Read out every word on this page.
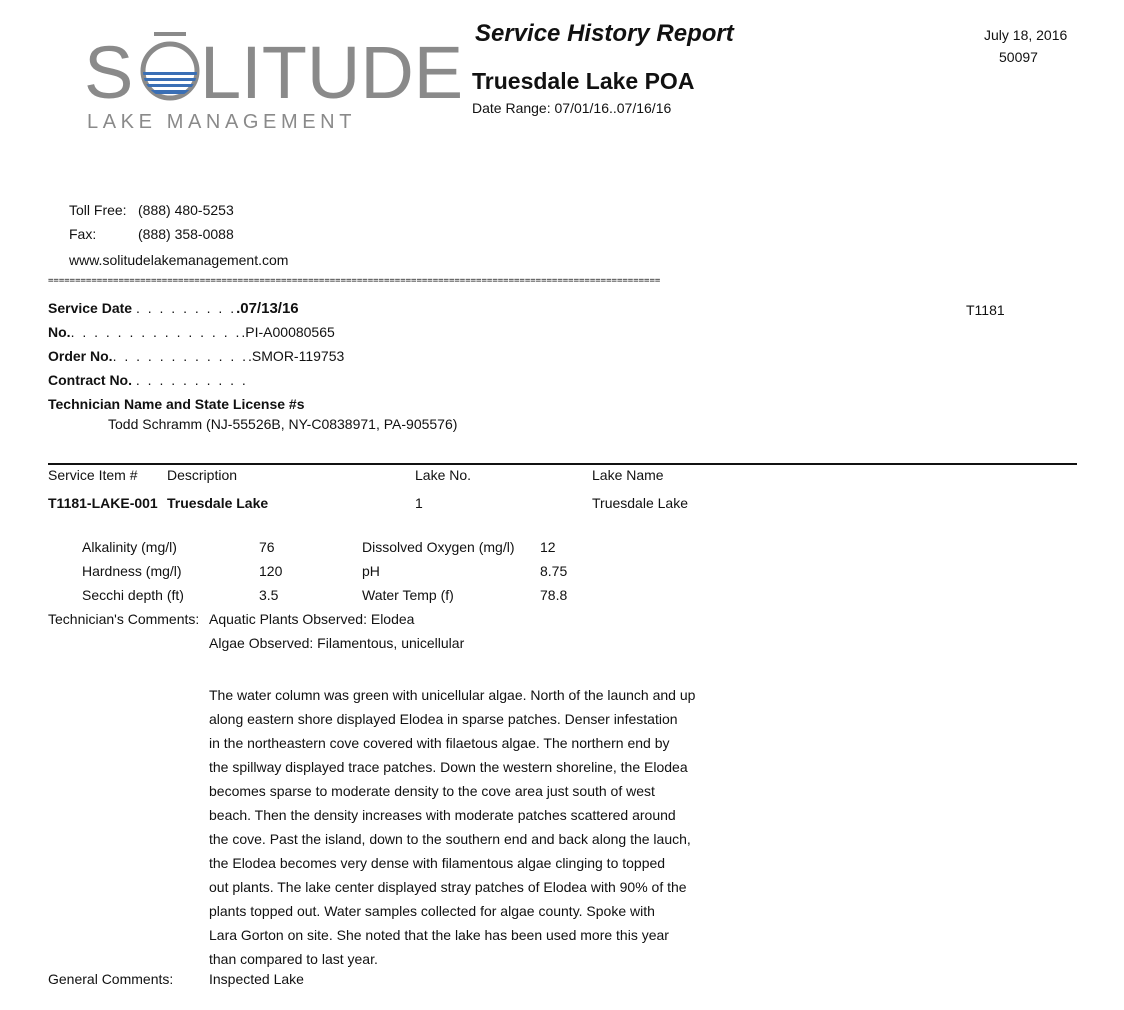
S LITUDE
LAKE MANAGEMENT
Service History Report
Truesdale Lake POA
Date Range: 07/01/16..07/16/16
July 18, 2016
50097
Toll Free: (888) 480-5253
Fax:	(888) 358-0088
www.solitudelakemanagement.com
=================================================================================================================
Service Date . . . . . . . . ..07/13/16	T1181
No.. . . . . . . . . . . . . . ..PI-A00080565
Order No.. . . . . . . . . . . ..SMOR-119753
Contract No. . . . . . . . . . .
Technician Name and State License #s
Todd Schramm (NJ-55526B, NY-C0838971, PA-905576)
Service Item # Description	Lake No.	Lake Name
T1181-LAKE-001 Truesdale Lake	1	Truesdale Lake
Alkalinity (mg/l)	76	Dissolved Oxygen (mg/l) 12
Hardness (mg/l)	120	pH	8.75
Secchi depth (ft)	3.5	Water Temp (f)	78.8
Technician's Comments: Aquatic Plants Observed: Elodea
Algae Observed: Filamentous, unicellular
The water column was green with unicellular algae. North of the launch and up
along eastern shore displayed Elodea in sparse patches. Denser infestation
in the northeastern cove covered with filaetous algae. The northern end by
the spillway displayed trace patches. Down the western shoreline, the Elodea
becomes sparse to moderate density to the cove area just south of west
beach. Then the density increases with moderate patches scattered around
the cove. Past the island, down to the southern end and back along the lauch,
the Elodea becomes very dense with filamentous algae clinging to topped
out plants. The lake center displayed stray patches of Elodea with 90% of the
plants topped out. Water samples collected for algae county. Spoke with
Lara Gorton on site. She noted that the lake has been used more this year
than compared to last year.
General Comments:	Inspected Lake
